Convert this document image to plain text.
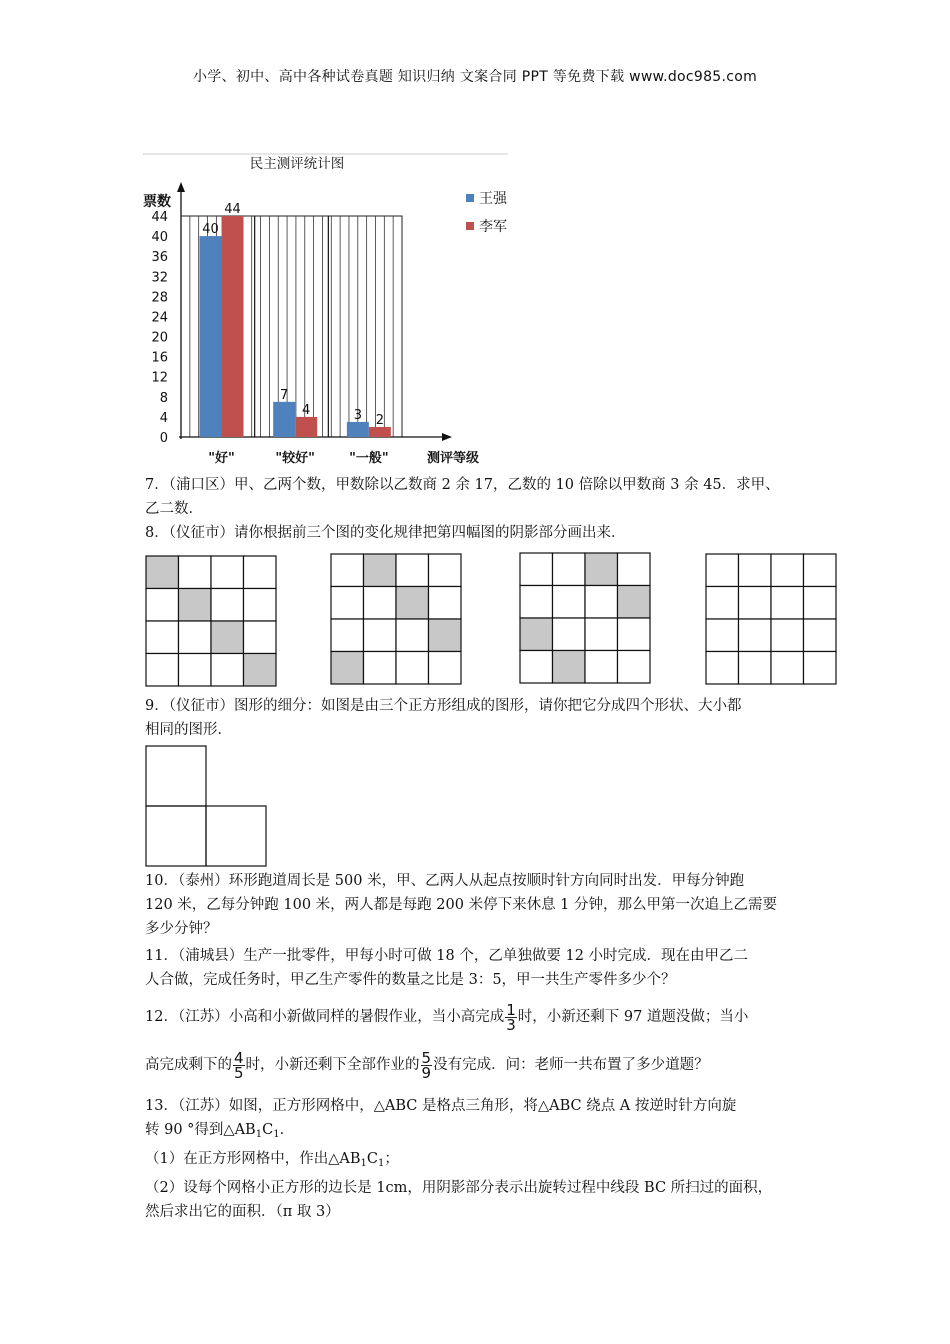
小学、初中、高中各种试卷真题 知识归纳 文案合同 PPT 等免费下载 www.doc985.com
民主测评统计图
40
44
7
4	3 2
0
4
8
12
16
20
24
28
32
36
40
44
"好"	"较好"	"一般"
票数
测评等级
王强
李军
7．（浦口区）甲、乙两个数，甲数除以乙数商 2 余 17，乙数的 10 倍除以甲数商 3 余 45．求甲、
乙二数．
8．（仪征市）请你根据前三个图的变化规律把第四幅图的阴影部分画出来．
9．（仪征市）图形的细分：如图是由三个正方形组成的图形，请你把它分成四个形状、大小都
相同的图形．
10．（泰州）环形跑道周长是 500 米，甲、乙两人从起点按顺时针方向同时出发．甲每分钟跑
120 米，乙每分钟跑 100 米，两人都是每跑 200 米停下来休息 1 分钟，那么甲第一次追上乙需要
多少分钟？
11．（浦城县）生产一批零件，甲每小时可做 18 个，乙单独做要 12 小时完成．现在由甲乙二
人合做，完成任务时，甲乙生产零件的数量之比是 3：5，甲一共生产零件多少个？
12．（江苏）小高和小新做同样的暑假作业，当小高完成 $\frac{1}{3}$ 时，小新还剩下 97 道题没做；当小
高完成剩下的 $\frac{4}{5}$ 时，小新还剩下全部作业的 $\frac{5}{9}$ 没有完成．问：老师一共布置了多少道题？
13．（江苏）如图，正方形网格中，△ABC 是格点三角形，将△ABC 绕点 A 按逆时针方向旋
转 90 °得到$\triangle AB_1C_1$．
（1）在正方形网格中，作出$\triangle AB_1C_1$；
（2）设每个网格小正方形的边长是 1cm，用阴影部分表示出旋转过程中线段 BC 所扫过的面积，
然后求出它的面积．（π 取 3）
